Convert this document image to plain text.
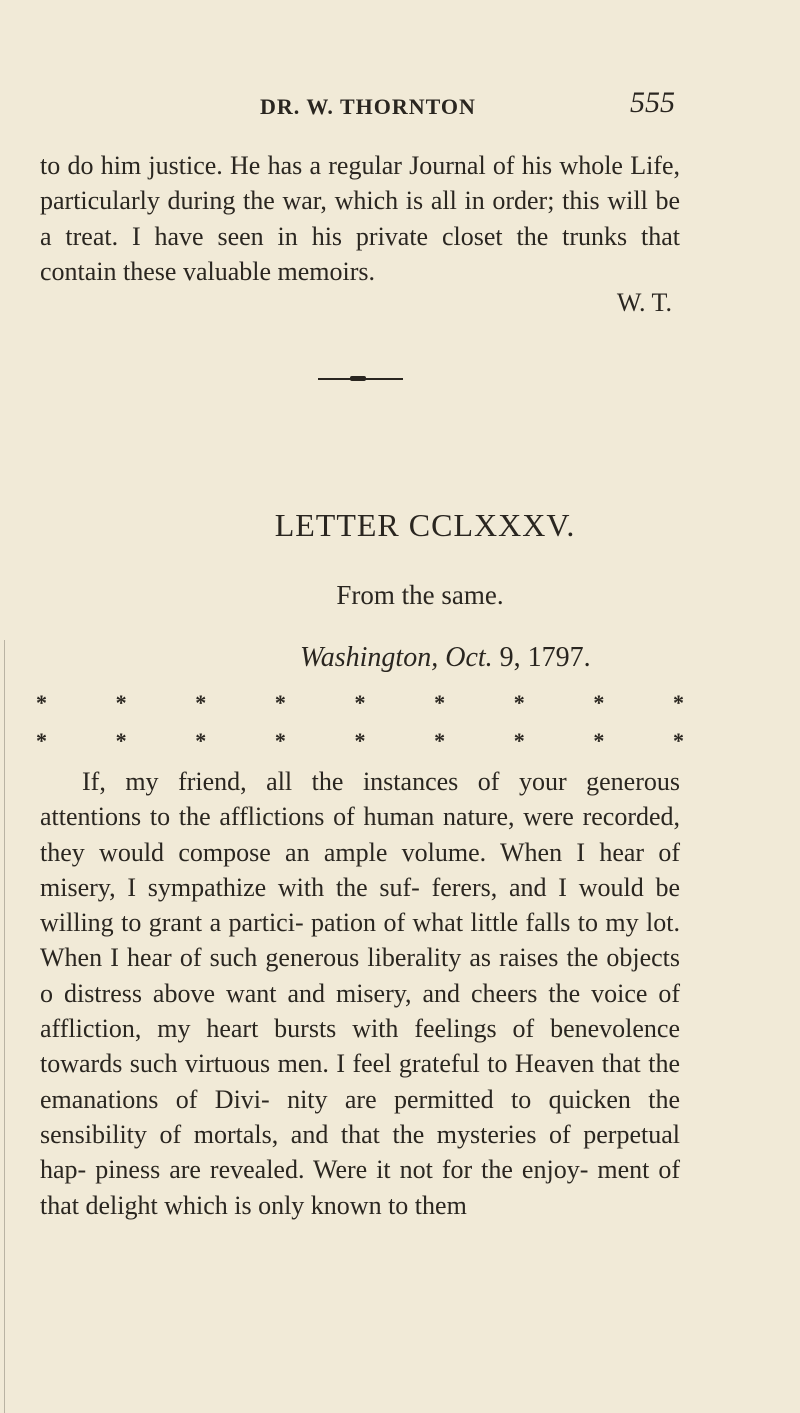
DR. W. THORNTON	555
to do him justice. He has a regular Journal of his whole Life, particularly during the war, which is all in order; this will be a treat. I have seen in his private closet the trunks that contain these valuable memoirs.
W. T.
LETTER CCLXXXV.

From the same.

Washington, Oct. 9, 1797.
*	*	*	*	*	*	*	*	*
*	*	*	*	*	*	*	*	*
If, my friend, all the instances of your generous attentions to the afflictions of human nature, were recorded, they would compose an ample volume. When I hear of misery, I sympathize with the suf- ferers, and I would be willing to grant a partici- pation of what little falls to my lot. When I hear of such generous liberality as raises the objects o distress above want and misery, and cheers the voice of affliction, my heart bursts with feelings of benevolence towards such virtuous men. I feel grateful to Heaven that the emanations of Divi- nity are permitted to quicken the sensibility of mortals, and that the mysteries of perpetual hap- piness are revealed. Were it not for the enjoy- ment of that delight which is only known to them
